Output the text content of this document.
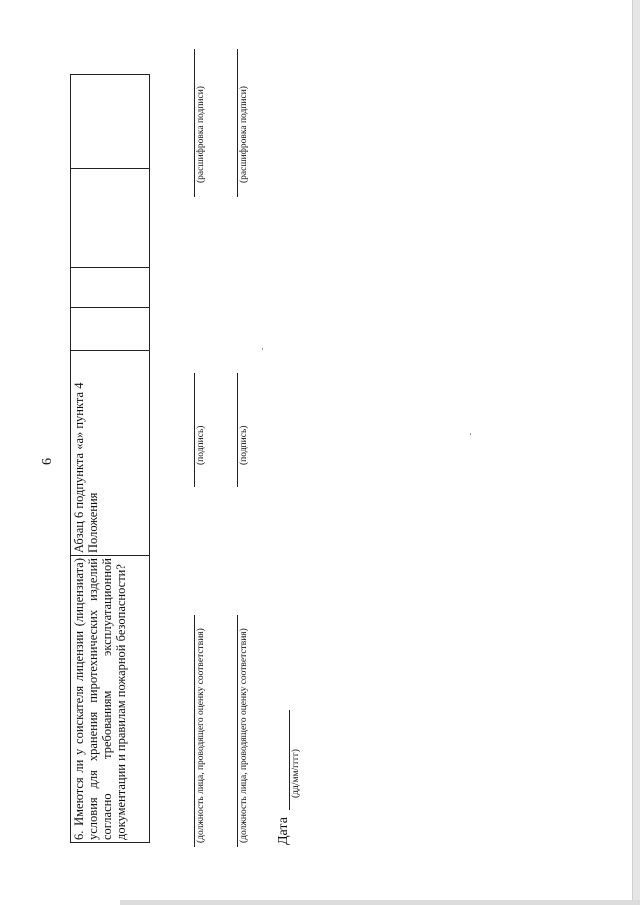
6
6. Имеются ли у соискателя лицензии (лицензиата) условия для хранения пиротехнических изделий согласно требованиям эксплуатационной документации и правилам пожарной безопасности?	Абзац 6 подпункта «а» пункта 4 Положения				
(должность лица, проводящего оценку соответствия)
(подпись)
(расшифровка подписи)
(должность лица, проводящего оценку соответствия)
(подпись)
(расшифровка подписи)
Дата
(дд/мм/гггг)
